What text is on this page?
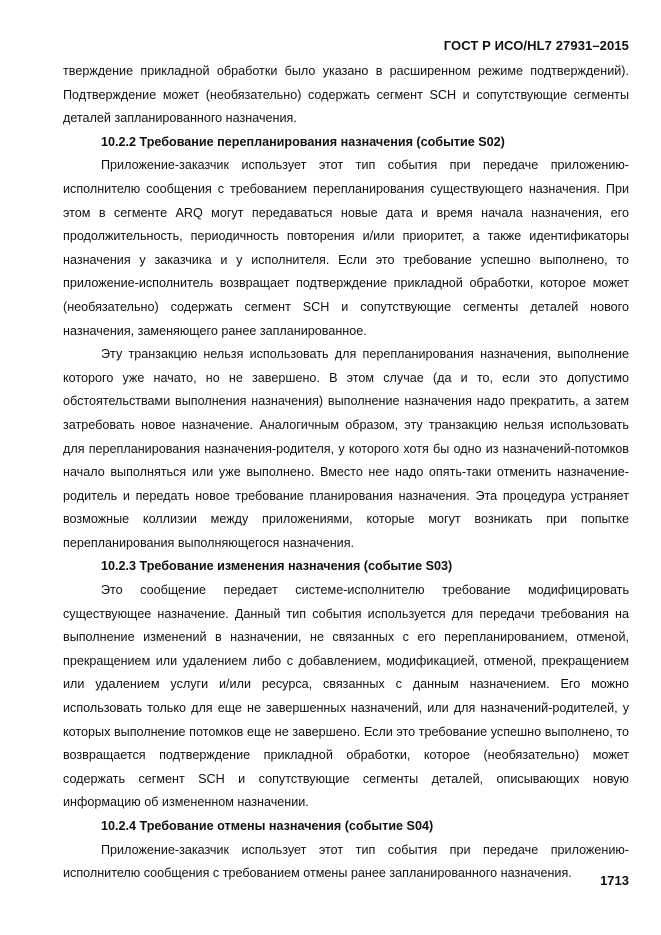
ГОСТ Р ИСО/HL7 27931–2015

тверждение прикладной обработки было указано в расширенном режиме подтверждений). Подтверждение может (необязательно) содержать сегмент SCH и сопутствующие сегменты деталей запланированного назначения.

10.2.2 Требование перепланирования назначения (событие S02)

Приложение-заказчик использует этот тип события при передаче приложению-исполнителю сообщения с требованием перепланирования существующего назначения. При этом в сегменте ARQ могут передаваться новые дата и время начала назначения, его продолжительность, периодичность повторения и/или приоритет, а также идентификаторы назначения у заказчика и у исполнителя. Если это требование успешно выполнено, то приложение-исполнитель возвращает подтверждение прикладной обработки, которое может (необязательно) содержать сегмент SCH и сопутствующие сегменты деталей нового назначения, заменяющего ранее запланированное.

Эту транзакцию нельзя использовать для перепланирования назначения, выполнение которого уже начато, но не завершено. В этом случае (да и то, если это допустимо обстоятельствами выполнения назначения) выполнение назначения надо прекратить, а затем затребовать новое назначение. Аналогичным образом, эту транзакцию нельзя использовать для перепланирования назначения-родителя, у которого хотя бы одно из назначений-потомков начало выполняться или уже выполнено. Вместо нее надо опять-таки отменить назначение-родитель и передать новое требование планирования назначения. Эта процедура устраняет возможные коллизии между приложениями, которые могут возникать при попытке перепланирования выполняющегося назначения.

10.2.3 Требование изменения назначения (событие S03)

Это сообщение передает системе-исполнителю требование модифицировать существующее назначение. Данный тип события используется для передачи требования на выполнение изменений в назначении, не связанных с его перепланированием, отменой, прекращением или удалением либо с добавлением, модификацией, отменой, прекращением или удалением услуги и/или ресурса, связанных с данным назначением. Его можно использовать только для еще не завершенных назначений, или для назначений-родителей, у которых выполнение потомков еще не завершено. Если это требование успешно выполнено, то возвращается подтверждение прикладной обработки, которое (необязательно) может содержать сегмент SCH и сопутствующие сегменты деталей, описывающих новую информацию об измененном назначении.

10.2.4 Требование отмены назначения (событие S04)

Приложение-заказчик использует этот тип события при передаче приложению-исполнителю сообщения с требованием отмены ранее запланированного назначения.	1713
